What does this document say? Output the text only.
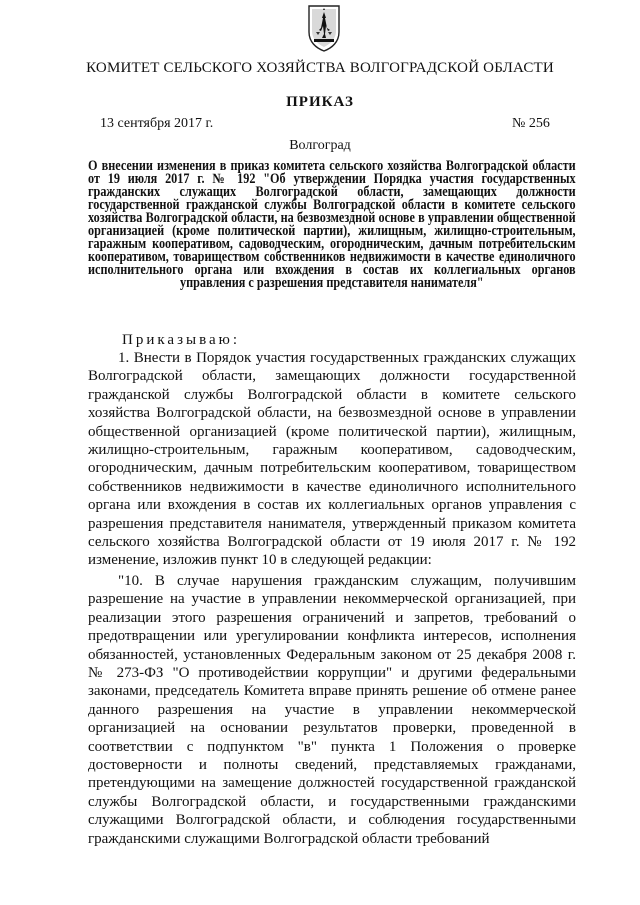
КОМИТЕТ СЕЛЬСКОГО ХОЗЯЙСТВА ВОЛГОГРАДСКОЙ ОБЛАСТИ
ПРИКАЗ
13 сентября 2017 г.	№ 256
Волгоград
О внесении изменения в приказ комитета сельского хозяйства Волгоградской области от 19 июля 2017 г. № 192 "Об утверждении Порядка участия государственных гражданских служащих Волгоградской области, замещающих должности государственной гражданской службы Волгоградской области в комитете сельского хозяйства Волгоградской области, на безвозмездной основе в управлении общественной организацией (кроме политической партии), жилищным, жилищно-строительным, гаражным кооперативом, садоводческим, огородническим, дачным потребительским кооперативом, товариществом собственников недвижимости в качестве единоличного исполнительного органа или вхождения в состав их коллегиальных органов управления с разрешения представителя нанимателя"
Приказываю:

1. Внести в Порядок участия государственных гражданских служащих Волгоградской области, замещающих должности государственной гражданской службы Волгоградской области в комитете сельского хозяйства Волгоградской области, на безвозмездной основе в управлении общественной организацией (кроме политической партии), жилищным, жилищно-строительным, гаражным кооперативом, садоводческим, огородническим, дачным потребительским кооперативом, товариществом собственников недвижимости в качестве единоличного исполнительного органа или вхождения в состав их коллегиальных органов управления с разрешения представителя нанимателя, утвержденный приказом комитета сельского хозяйства Волгоградской области от 19 июля 2017 г. № 192 изменение, изложив пункт 10 в следующей редакции:

"10. В случае нарушения гражданским служащим, получившим разрешение на участие в управлении некоммерческой организацией, при реализации этого разрешения ограничений и запретов, требований о предотвращении или урегулировании конфликта интересов, исполнения обязанностей, установленных Федеральным законом от 25 декабря 2008 г. № 273-ФЗ "О противодействии коррупции" и другими федеральными законами, председатель Комитета вправе принять решение об отмене ранее данного разрешения на участие в управлении некоммерческой организацией на основании результатов проверки, проведенной в соответствии с подпунктом "в" пункта 1 Положения о проверке достоверности и полноты сведений, представляемых гражданами, претендующими на замещение должностей государственной гражданской службы Волгоградской области, и государственными гражданскими служащими Волгоградской области, и соблюдения государственными гражданскими служащими Волгоградской области требований
